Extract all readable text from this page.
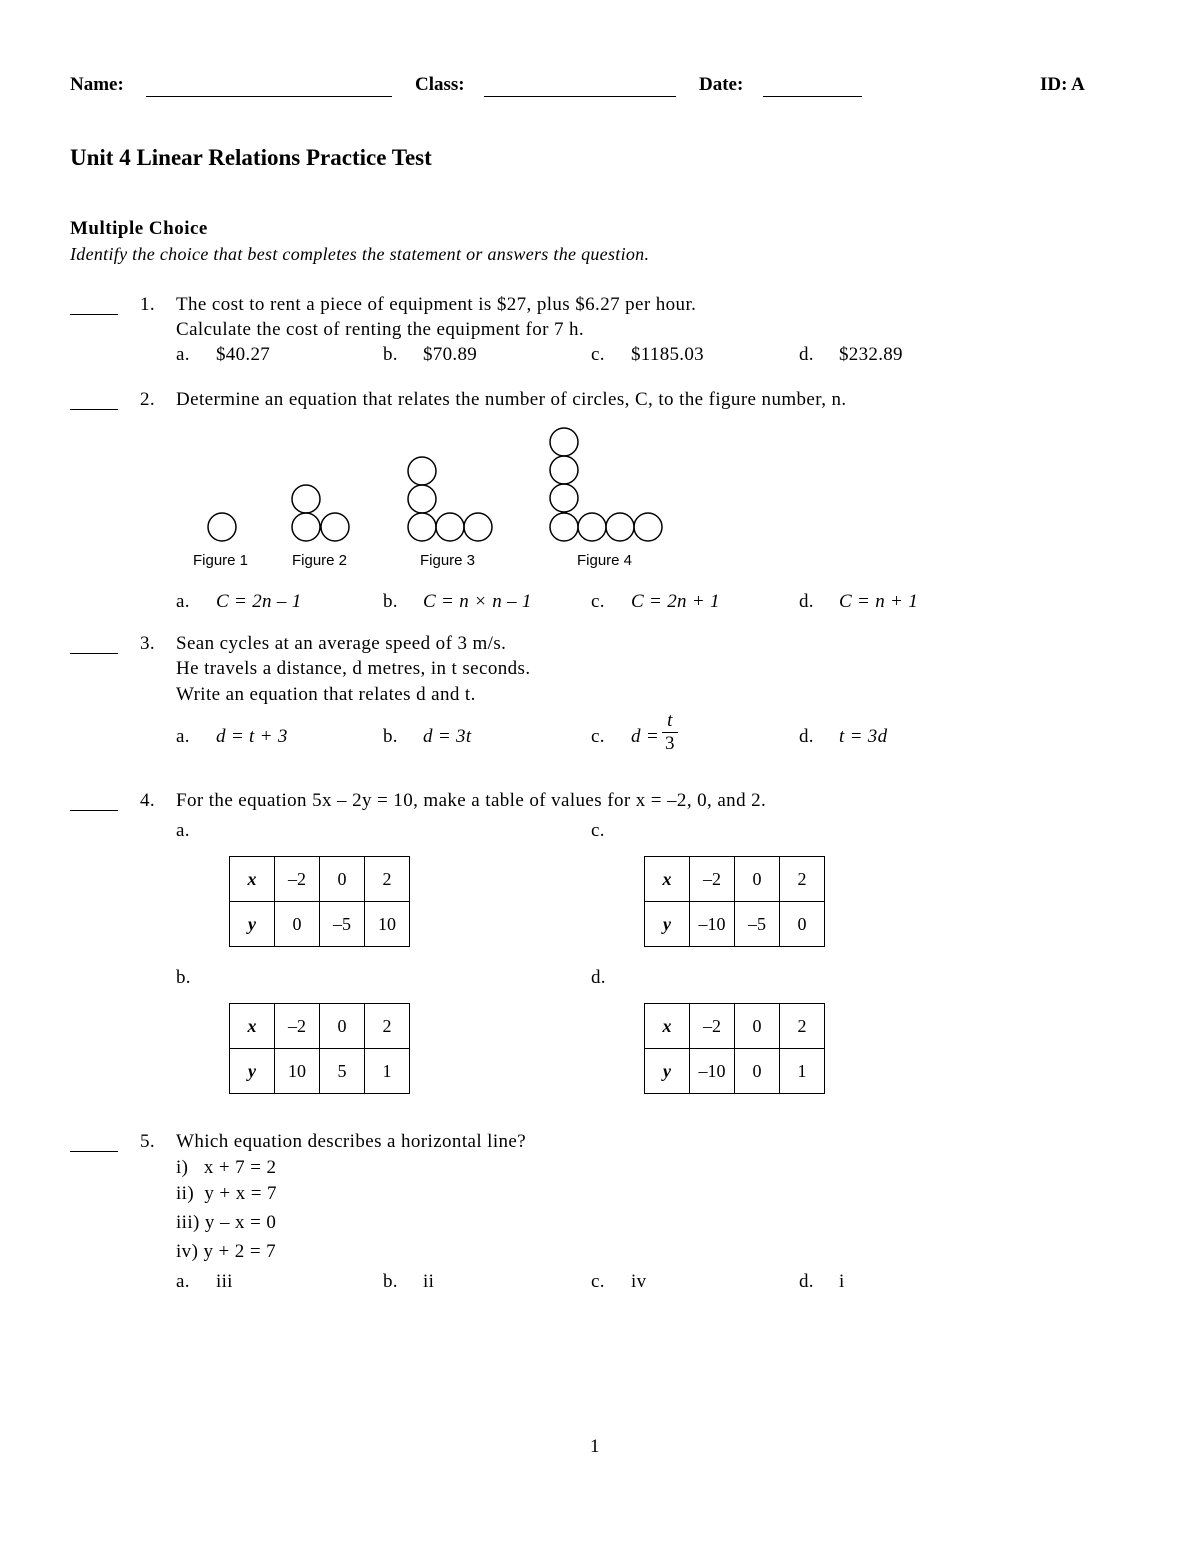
Name:	Class:	Date:	ID: A
Unit 4 Linear Relations Practice Test
Multiple Choice
Identify the choice that best completes the statement or answers the question.
1. The cost to rent a piece of equipment is $27, plus $6.27 per hour.
Calculate the cost of renting the equipment for 7 h.
a. $40.27	b. $70.89	c. $1185.03	d. $232.89
2. Determine an equation that relates the number of circles, C, to the figure number, n.
Figure 1	Figure 2	Figure 3	Figure 4
a. C = 2n – 1	b. C = n × n – 1	c. C = 2n + 1	d. C = n + 1
3. Sean cycles at an average speed of 3 m/s.
He travels a distance, d metres, in t seconds.
Write an equation that relates d and t.
a. d = t + 3	b. d = 3t	c. $d = \frac{t}{3}$	d. t = 3d
4. For the equation 5x – 2y = 10, make a table of values for x = –2, 0, and 2.
a.
x	–2	0	2
y	0	–5	10
c.
x	–2	0	2
y	–10	–5	0
b.
x	–2	0	2
y	10	5	1
d.
x	–2	0	2
y	–10	0	1
5. Which equation describes a horizontal line?
i)   x + 7 = 2
ii)  y + x = 7
iii) y – x = 0
iv) y + 2 = 7
a. iii	b. ii	c. iv	d. i
1
